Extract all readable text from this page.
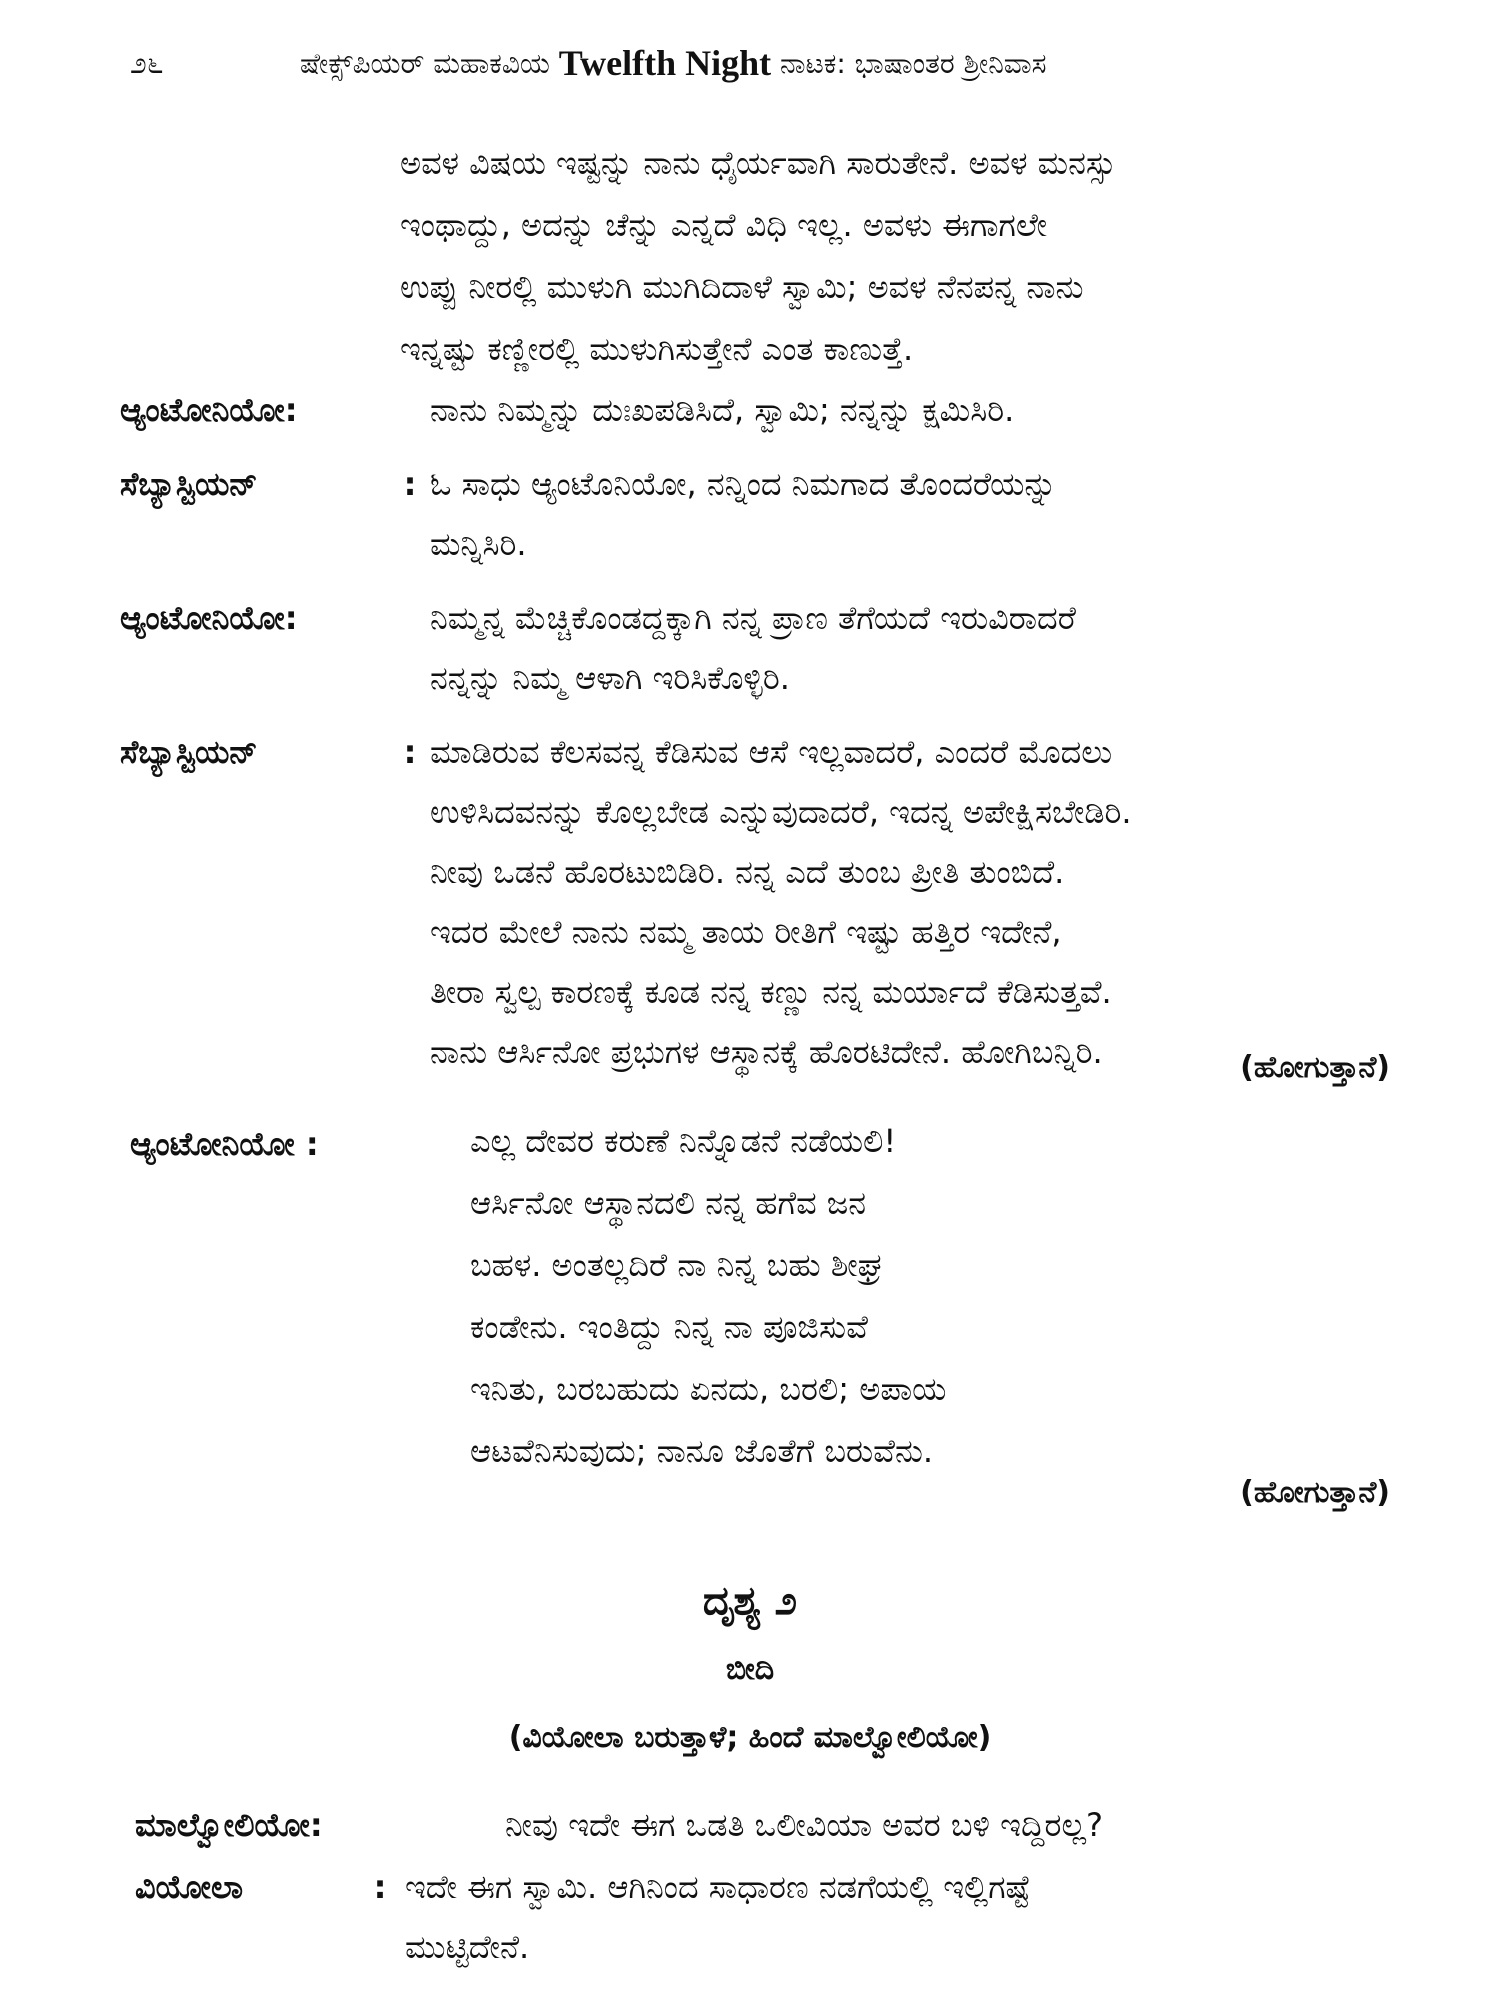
೨೬	ಷೇಕ್ಸ್‌ಪಿಯರ್ ಮಹಾಕವಿಯ Twelfth Night ನಾಟಕ: ಭಾಷಾಂತರ ಶ್ರೀನಿವಾಸ
ಅವಳ ವಿಷಯ ಇಷ್ಟನ್ನು ನಾನು ಧೈರ್ಯವಾಗಿ ಸಾರುತೇನೆ. ಅವಳ ಮನಸ್ಸು
ಇಂಥಾದ್ದು, ಅದನ್ನು ಚೆನ್ನು ಎನ್ನದೆ ವಿಧಿ ಇಲ್ಲ. ಅವಳು ಈಗಾಗಲೇ
ಉಪ್ಪು ನೀರಲ್ಲಿ ಮುಳುಗಿ ಮುಗಿದಿದಾಳೆ ಸ್ವಾಮಿ; ಅವಳ ನೆನಪನ್ನ ನಾನು
ಇನ್ನಷ್ಟು ಕಣ್ಣೀರಲ್ಲಿ ಮುಳುಗಿಸುತ್ತೇನೆ ಎಂತ ಕಾಣುತ್ತೆ.
ಆ್ಯಂಟೋನಿಯೋ:	ನಾನು ನಿಮ್ಮನ್ನು ದುಃಖಪಡಿಸಿದೆ, ಸ್ವಾಮಿ; ನನ್ನನ್ನು ಕ್ಷಮಿಸಿರಿ.

ಸೆಬ್ಯಾಸ್ಟಿಯನ್	: ಓ ಸಾಧು ಆ್ಯಂಟೊನಿಯೋ, ನನ್ನಿಂದ ನಿಮಗಾದ ತೊಂದರೆಯನ್ನು

ಮನ್ನಿಸಿರಿ.

ಆ್ಯಂಟೋನಿಯೋ:	ನಿಮ್ಮನ್ನ ಮೆಚ್ಚಿಕೊಂಡದ್ದಕ್ಕಾಗಿ ನನ್ನ ಪ್ರಾಣ ತೆಗೆಯದೆ ಇರುವಿರಾದರೆ

ನನ್ನನ್ನು ನಿಮ್ಮ ಆಳಾಗಿ ಇರಿಸಿಕೊಳ್ಳಿರಿ.

ಸೆಬ್ಯಾಸ್ಟಿಯನ್	: ಮಾಡಿರುವ ಕೆಲಸವನ್ನ ಕೆಡಿಸುವ ಆಸೆ ಇಲ್ಲವಾದರೆ, ಎಂದರೆ ಮೊದಲು

ಉಳಿಸಿದವನನ್ನು ಕೊಲ್ಲಬೇಡ ಎನ್ನುವುದಾದರೆ, ಇದನ್ನ ಅಪೇಕ್ಷಿಸಬೇಡಿರಿ.

ನೀವು ಒಡನೆ ಹೊರಟುಬಿಡಿರಿ. ನನ್ನ ಎದೆ ತುಂಬ ಪ್ರೀತಿ ತುಂಬಿದೆ.

ಇದರ ಮೇಲೆ ನಾನು ನಮ್ಮ ತಾಯ ರೀತಿಗೆ ಇಷ್ಟು ಹತ್ತಿರ ಇದೇನೆ,

ತೀರಾ ಸ್ವಲ್ಪ ಕಾರಣಕ್ಕೆ ಕೂಡ ನನ್ನ ಕಣ್ಣು ನನ್ನ ಮರ್ಯಾದೆ ಕೆಡಿಸುತ್ತವೆ.

ನಾನು ಆರ್ಸಿನೋ ಪ್ರಭುಗಳ ಆಸ್ಥಾನಕ್ಕೆ ಹೊರಟಿದೇನೆ. ಹೋಗಿಬನ್ನಿರಿ.	(ಹೋಗುತ್ತಾನೆ)
ಆ್ಯಂಟೋನಿಯೋ :	ಎಲ್ಲ ದೇವರ ಕರುಣೆ ನಿನ್ನೊಡನೆ ನಡೆಯಲಿ!
ಆರ್ಸಿನೋ ಆಸ್ಥಾನದಲಿ ನನ್ನ ಹಗೆವ ಜನ
ಬಹಳ. ಅಂತಲ್ಲದಿರೆ ನಾ ನಿನ್ನ ಬಹು ಶೀಘ್ರ
ಕಂಡೇನು. ಇಂತಿದ್ದು ನಿನ್ನ ನಾ ಪೂಜಿಸುವೆ
ಇನಿತು, ಬರಬಹುದು ಏನದು, ಬರಲಿ; ಅಪಾಯ
ಆಟವೆನಿಸುವುದು; ನಾನೂ ಜೊತೆಗೆ ಬರುವೆನು.
(ಹೋಗುತ್ತಾನೆ)
ದೃಶ್ಯ ೨
ಬೀದಿ
(ವಿಯೋಲಾ ಬರುತ್ತಾಳೆ; ಹಿಂದೆ ಮಾಲ್ವೋಲಿಯೋ)
ಮಾಲ್ವೋಲಿಯೋ:	ನೀವು ಇದೇ ಈಗ ಒಡತಿ ಒಲೀವಿಯಾ ಅವರ ಬಳಿ ಇದ್ದಿರಲ್ಲ?

ವಿಯೋಲಾ	: ಇದೇ ಈಗ ಸ್ವಾಮಿ. ಆಗಿನಿಂದ ಸಾಧಾರಣ ನಡಗೆಯಲ್ಲಿ ಇಲ್ಲಿಗಷ್ಟೆ

ಮುಟ್ಟಿದೇನೆ.
